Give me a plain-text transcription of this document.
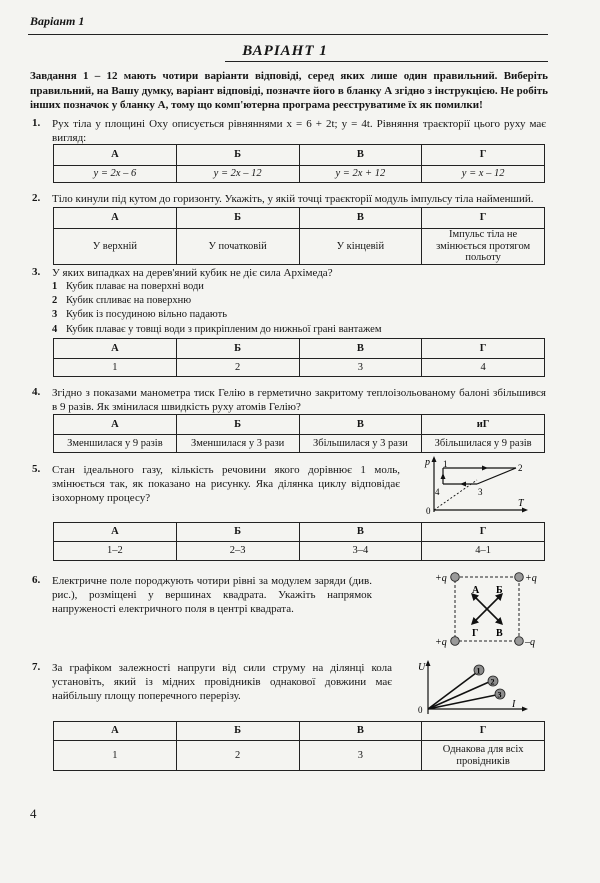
Варіант 1
ВАРІАНТ 1
Завдання 1 – 12 мають чотири варіанти відповіді, серед яких лише один правильний. Виберіть правильний, на Вашу думку, варіант відповіді, позначте його в бланку А згідно з інструкцією. Не робіть інших позначок у бланку А, тому що комп'ютерна програма реєструватиме їх як помилки!
1. Рух тіла у площині Oxy описується рівняннями x = 6 + 2t; y = 4t. Рівняння траєкторії цього руху має вигляд:
А	Б	В	Г
y = 2x – 6	y = 2x – 12	y = 2x + 12	y = x – 12
2. Тіло кинули під кутом до горизонту. Укажіть, у якій точці траєкторії модуль імпульсу тіла найменший.
А	Б	В	Г
У верхній	У початковій	У кінцевій	Імпульс тіла не змінюється протягом польоту
3. У яких випадках на дерев'яний кубик не діє сила Архімеда?
1 Кубик плаває на поверхні води
2 Кубик спливає на поверхню
3 Кубик із посудиною вільно падають
4 Кубик плаває у товщі води з прикріпленим до нижньої грані вантажем
А	Б	В	Г
1	2	3	4
4. Згідно з показами манометра тиск Гелію в герметично закритому теплоізольованому балоні збільшився в 9 разів. Як змінилася швидкість руху атомів Гелію?
А	Б	В	иГ
Зменшилася у 9 разів	Зменшилася у 3 рази	Збільшилася у 3 рази	Збільшилася у 9 разів
5. Стан ідеального газу, кількість речовини якого дорівнює 1 моль, змінюється так, як показано на рисунку. Яка ділянка циклу відповідає ізохорному процесу?
p
T
0
1	2
3
4
А	Б	В	Г
1–2	2–3	3–4	4–1
6. Електричне поле породжують чотири рівні за модулем заряди (див. рис.), розміщені у вершинах квадрата. Укажіть напрямок напруженості електричного поля в центрі квадрата.
+q	+q
+q	–q
А Б
Г В
7. За графіком залежності напруги від сили струму на ділянці кола установіть, який із мідних провідників однакової довжини має найбільшу площу поперечного перерізу.
1
2
3
U
I
0
А	Б	В	Г
1	2	3	Однакова для всіх провідників
4
